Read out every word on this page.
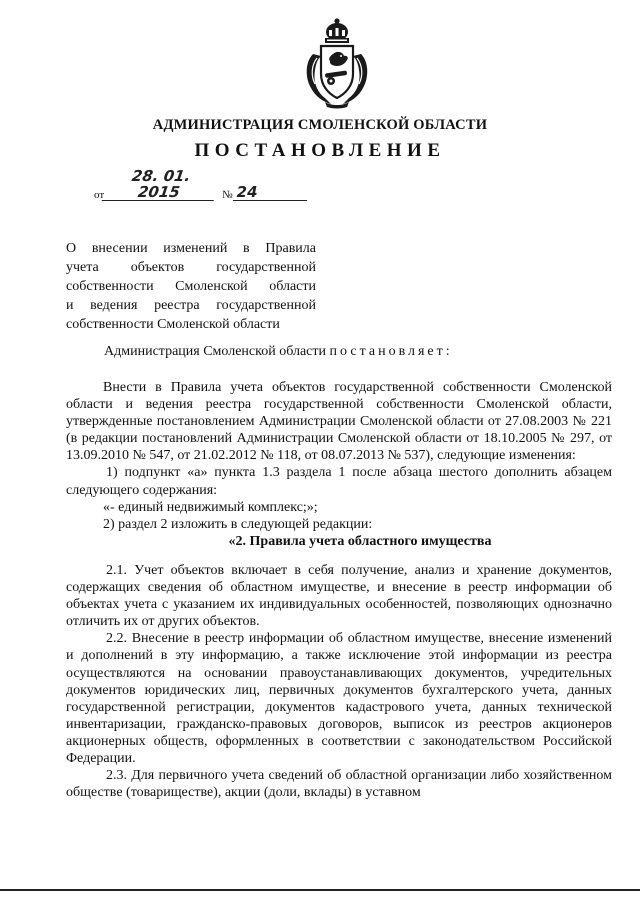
АДМИНИСТРАЦИЯ СМОЛЕНСКОЙ ОБЛАСТИ
ПОСТАНОВЛЕНИЕ
от28. 01. 2015	№ 24
О внесении изменений в Правила
учета объектов государственной
собственности Смоленской области
и ведения реестра государственной
собственности Смоленской области
Администрация Смоленской области постановляет:

Внести в Правила учета объектов государственной собственности Смоленской области и ведения реестра государственной собственности Смоленской области, утвержденные постановлением Администрации Смоленской области от 27.08.2003 № 221 (в редакции постановлений Администрации Смоленской области от 18.10.2005 № 297, от 13.09.2010 № 547, от 21.02.2012 № 118, от 08.07.2013 № 537), следующие изменения:

1) подпункт «а» пункта 1.3 раздела 1 после абзаца шестого дополнить абзацем следующего содержания:

«- единый недвижимый комплекс;»;

2) раздел 2 изложить в следующей редакции:

«2. Правила учета областного имущества

2.1. Учет объектов включает в себя получение, анализ и хранение документов, содержащих сведения об областном имуществе, и внесение в реестр информации об объектах учета с указанием их индивидуальных особенностей, позволяющих однозначно отличить их от других объектов.

2.2. Внесение в реестр информации об областном имуществе, внесение изменений и дополнений в эту информацию, а также исключение этой информации из реестра осуществляются на основании правоустанавливающих документов, учредительных документов юридических лиц, первичных документов бухгалтерского учета, данных государственной регистрации, документов кадастрового учета, данных технической инвентаризации, гражданско-правовых договоров, выписок из реестров акционеров акционерных обществ, оформленных в соответствии с законодательством Российской Федерации.

2.3. Для первичного учета сведений об областной организации либо хозяйственном обществе (товариществе), акции (доли, вклады) в уставном
